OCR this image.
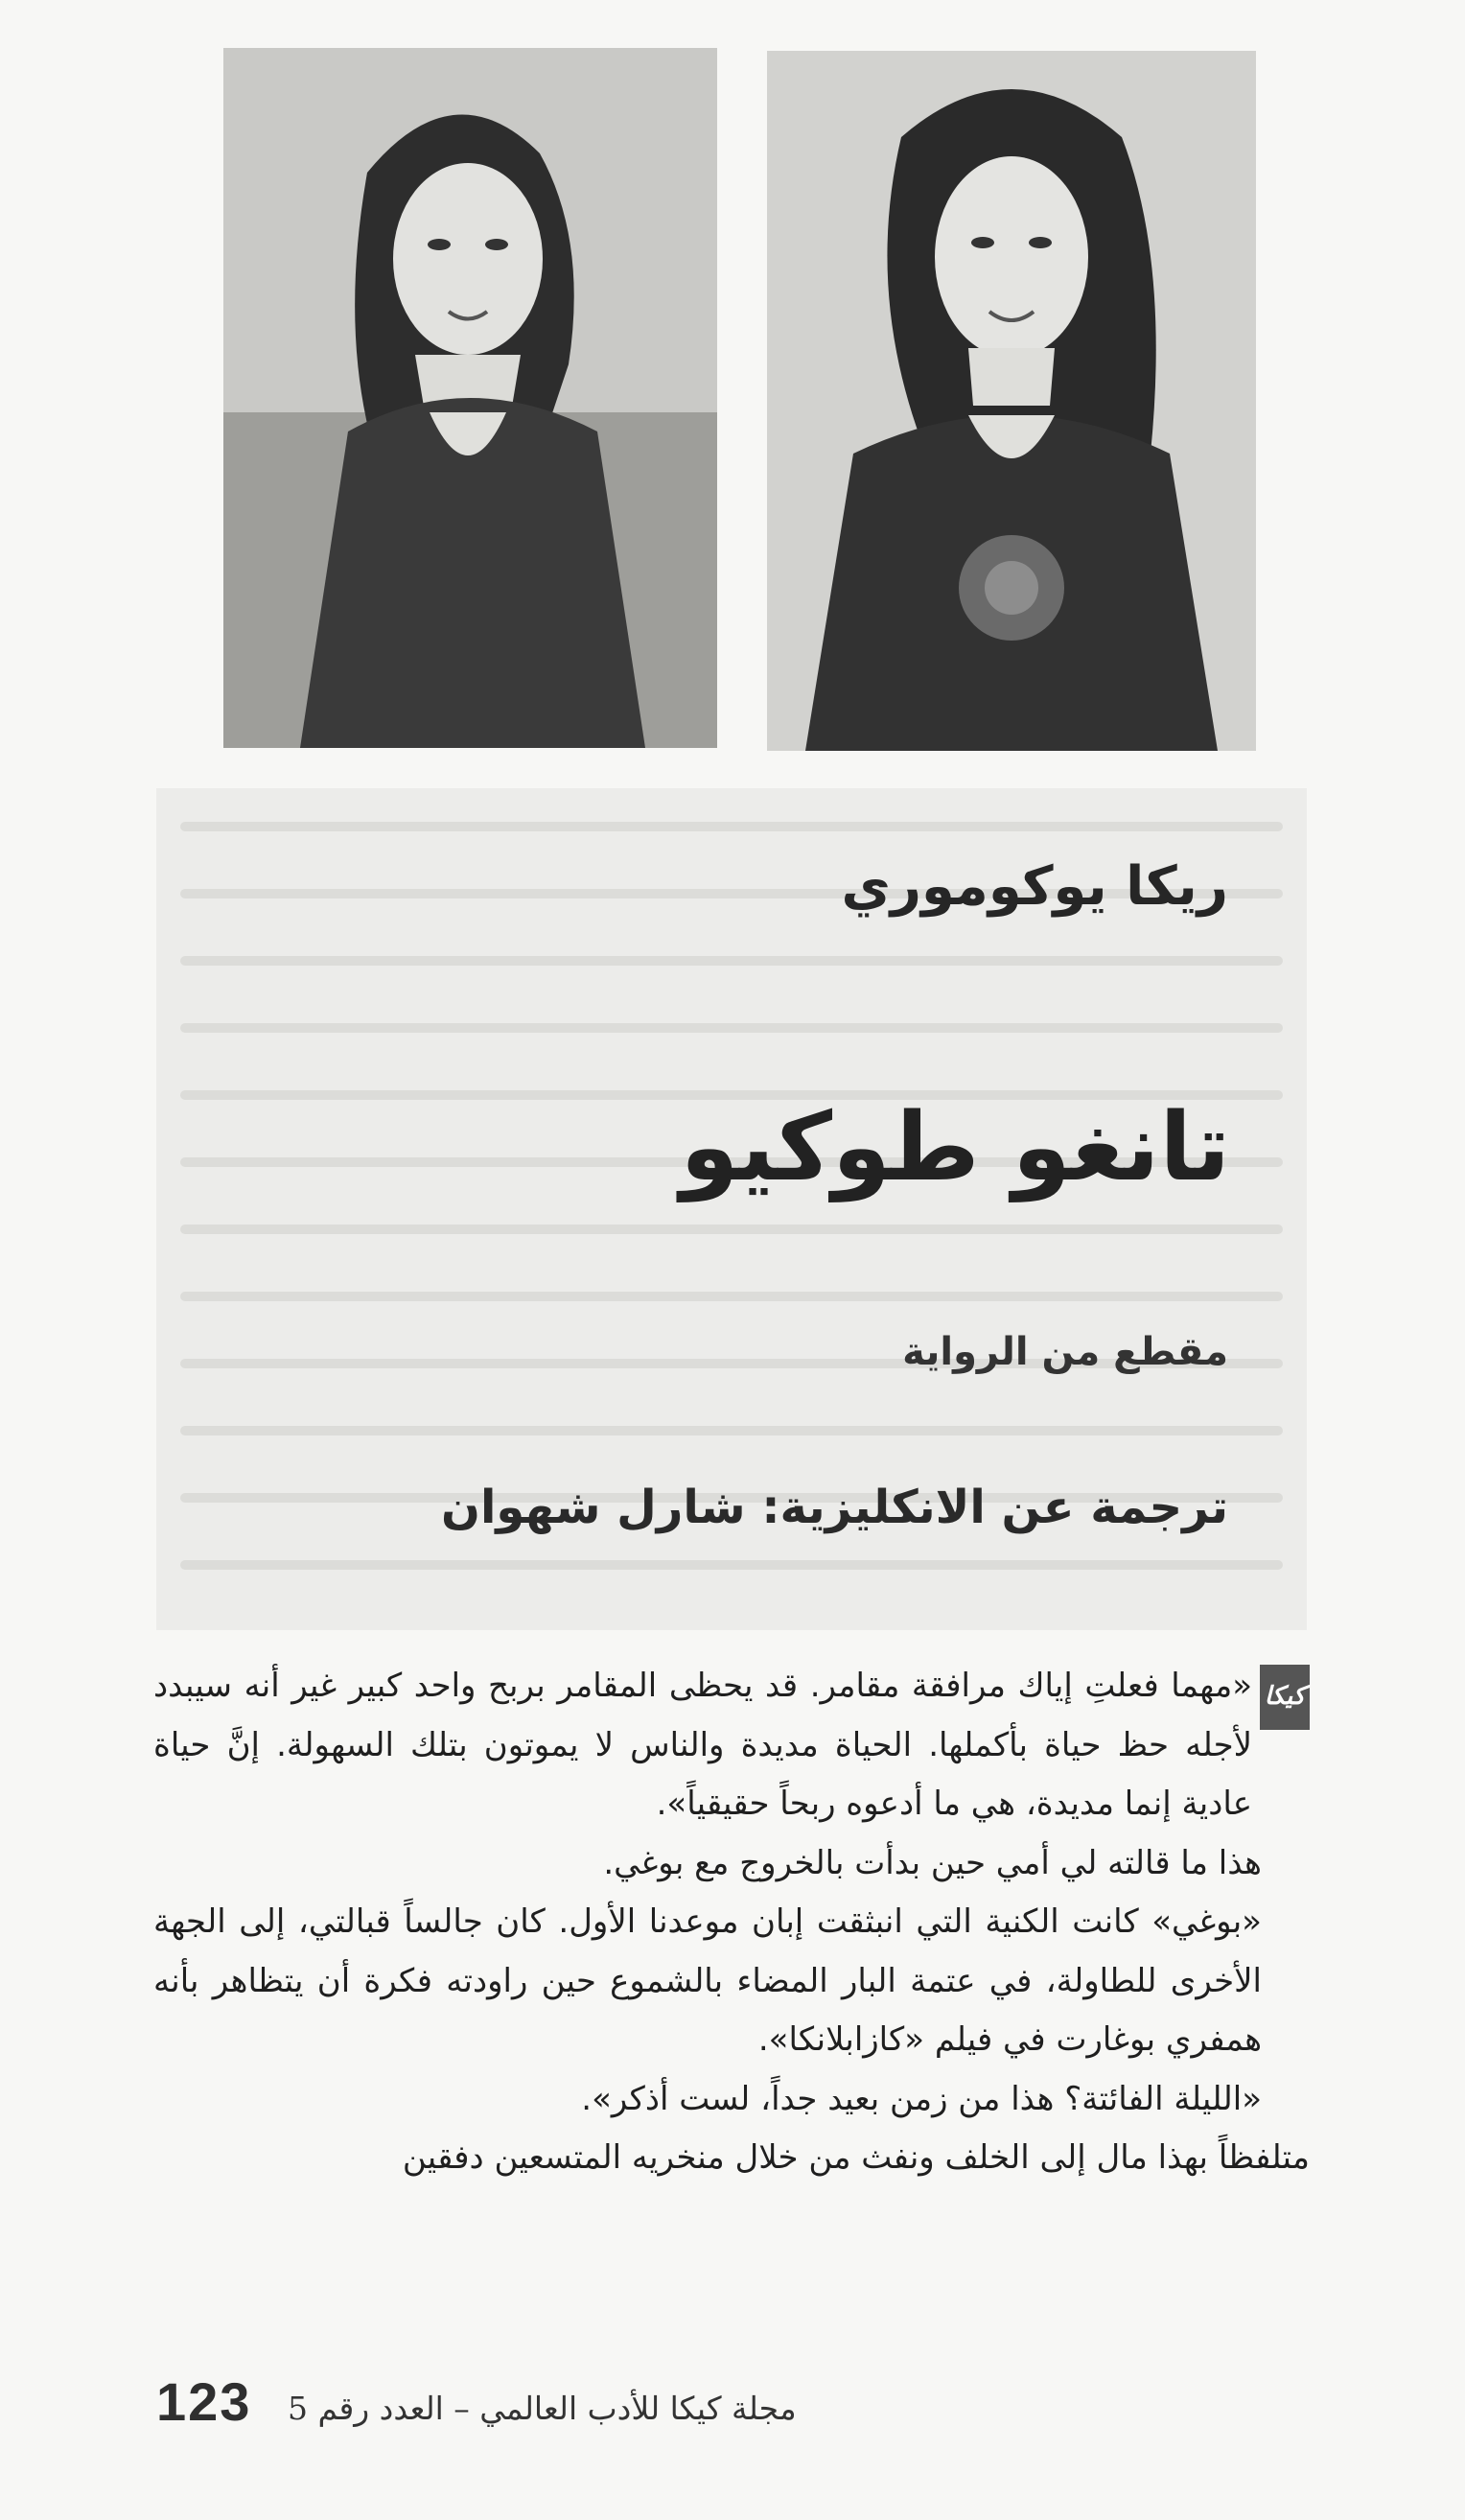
ريكا يوكوموري
تانغو طوكيو
مقطع من الرواية
ترجمة عن الانكليزية: شارل شهوان
كيكا

«مهما فعلتِ إياك مرافقة مقامر. قد يحظى المقامر بربح واحد كبير غير أنه سيبدد لأجله حظ حياة بأكملها. الحياة مديدة والناس لا يموتون بتلك السهولة. إنَّ حياة عادية إنما مديدة، هي ما أدعوه ربحاً حقيقياً».

هذا ما قالته لي أمي حين بدأت بالخروج مع بوغي.

«بوغي» كانت الكنية التي انبثقت إبان موعدنا الأول. كان جالساً قبالتي، إلى الجهة الأخرى للطاولة، في عتمة البار المضاء بالشموع حين راودته فكرة أن يتظاهر بأنه همفري بوغارت في فيلم «كازابلانكا».

«الليلة الفائتة؟ هذا من زمن بعيد جداً، لست أذكر».

متلفظاً بهذا مال إلى الخلف ونفث من خلال منخريه المتسعين دفقين

123 مجلة كيكا للأدب العالمي – العدد رقم 5
